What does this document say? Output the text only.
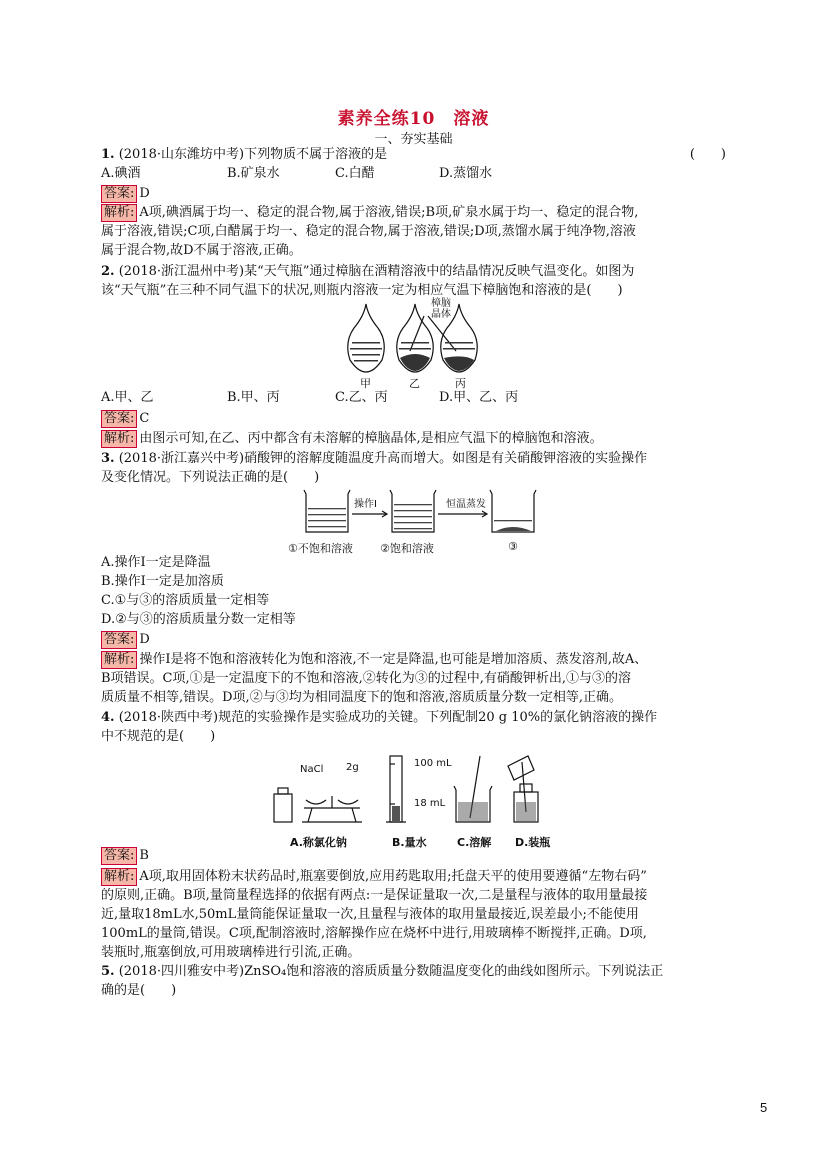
素养全练10　溶液
一、夯实基础
1. (2018·山东潍坊中考)下列物质不属于溶液的是	(　　)
A.碘酒	B.矿泉水	C.白醋	D.蒸馏水
答案: D
解析: A项,碘酒属于均一、稳定的混合物,属于溶液,错误;B项,矿泉水属于均一、稳定的混合物,
属于溶液,错误;C项,白醋属于均一、稳定的混合物,属于溶液,错误;D项,蒸馏水属于纯净物,溶液
属于混合物,故D不属于溶液,正确。
2. (2018·浙江温州中考)某“天气瓶”通过樟脑在酒精溶液中的结晶情况反映气温变化。如图为
该“天气瓶”在三种不同气温下的状况,则瓶内溶液一定为相应气温下樟脑饱和溶液的是(　　)
樟脑晶体
甲	乙	丙
A.甲、乙	B.甲、丙	C.乙、丙	D.甲、乙、丙
答案: C
解析: 由图示可知,在乙、丙中都含有未溶解的樟脑晶体,是相应气温下的樟脑饱和溶液。
3. (2018·浙江嘉兴中考)硝酸钾的溶解度随温度升高而增大。如图是有关硝酸钾溶液的实验操作
及变化情况。下列说法正确的是(　　)
操作Ⅰ	恒温蒸发
①不饱和溶液 ②饱和溶液	③
A.操作Ⅰ一定是降温
B.操作Ⅰ一定是加溶质
C.①与③的溶质质量一定相等
D.②与③的溶质质量分数一定相等
答案: D
解析: 操作Ⅰ是将不饱和溶液转化为饱和溶液,不一定是降温,也可能是增加溶质、蒸发溶剂,故A、
B项错误。C项,①是一定温度下的不饱和溶液,②转化为③的过程中,有硝酸钾析出,①与③的溶
质质量不相等,错误。D项,②与③均为相同温度下的饱和溶液,溶质质量分数一定相等,正确。
4. (2018·陕西中考)规范的实验操作是实验成功的关键。下列配制20 g 10%的氯化钠溶液的操作
中不规范的是(　　)
NaCl 2g	100 mL
18 mL
A.称氯化钠	B.量水	C.溶解 D.装瓶
答案: B
解析: A项,取用固体粉末状药品时,瓶塞要倒放,应用药匙取用;托盘天平的使用要遵循“左物右码”
的原则,正确。B项,量筒量程选择的依据有两点:一是保证量取一次,二是量程与液体的取用量最接
近,量取18mL水,50mL量筒能保证量取一次,且量程与液体的取用量最接近,误差最小;不能使用
100mL的量筒,错误。C项,配制溶液时,溶解操作应在烧杯中进行,用玻璃棒不断搅拌,正确。D项,
装瓶时,瓶塞倒放,可用玻璃棒进行引流,正确。
5. (2018·四川雅安中考)ZnSO₄饱和溶液的溶质质量分数随温度变化的曲线如图所示。下列说法正
确的是(　　)
5
